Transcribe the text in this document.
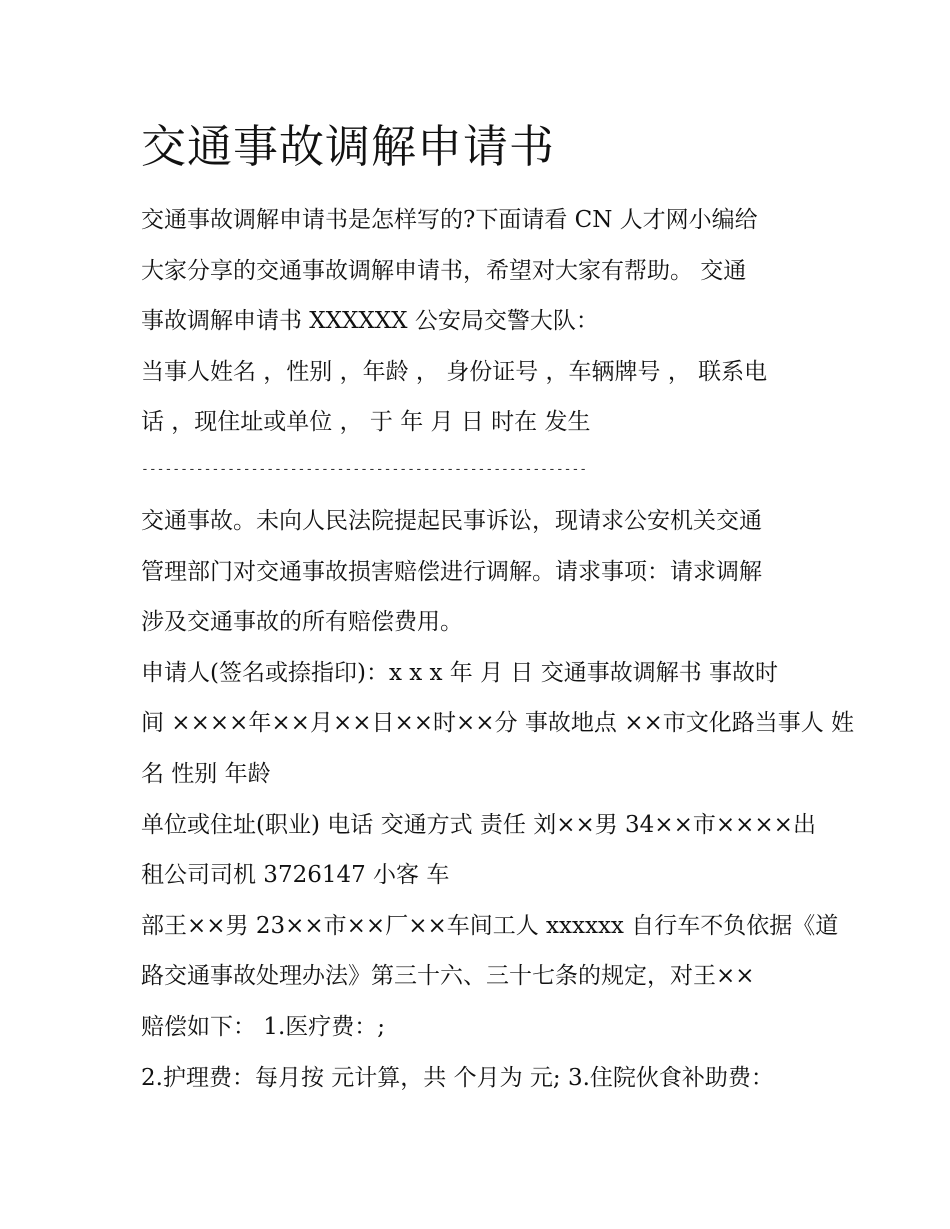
交通事故调解申请书
交通事故调解申请书是怎样写的?下面请看 CN 人才网小编给
大家分享的交通事故调解申请书，希望对大家有帮助。 交通
事故调解申请书 XXXXXX 公安局交警大队：
当事人姓名 ，性别 ，年龄 ， 身份证号 ，车辆牌号 ， 联系电
话 ，现住址或单位 ， 于 年 月 日 时在 发生
---------------------------------------------------------
交通事故。未向人民法院提起民事诉讼，现请求公安机关交通
管理部门对交通事故损害赔偿进行调解。请求事项：请求调解
涉及交通事故的所有赔偿费用。
申请人(签名或捺指印)：x x x 年 月 日 交通事故调解书 事故时
间 ××××年××月××日××时××分 事故地点 ××市文化路当事人 姓
名 性别 年龄
单位或住址(职业) 电话 交通方式 责任 刘××男 34××市××××出
租公司司机 3726147 小客 车
部王××男 23××市××厂××车间工人 xxxxxx 自行车不负依据《道
路交通事故处理办法》第三十六、三十七条的规定，对王××
赔偿如下： 1.医疗费：;
2.护理费：每月按 元计算，共 个月为 元; 3.住院伙食补助费：
